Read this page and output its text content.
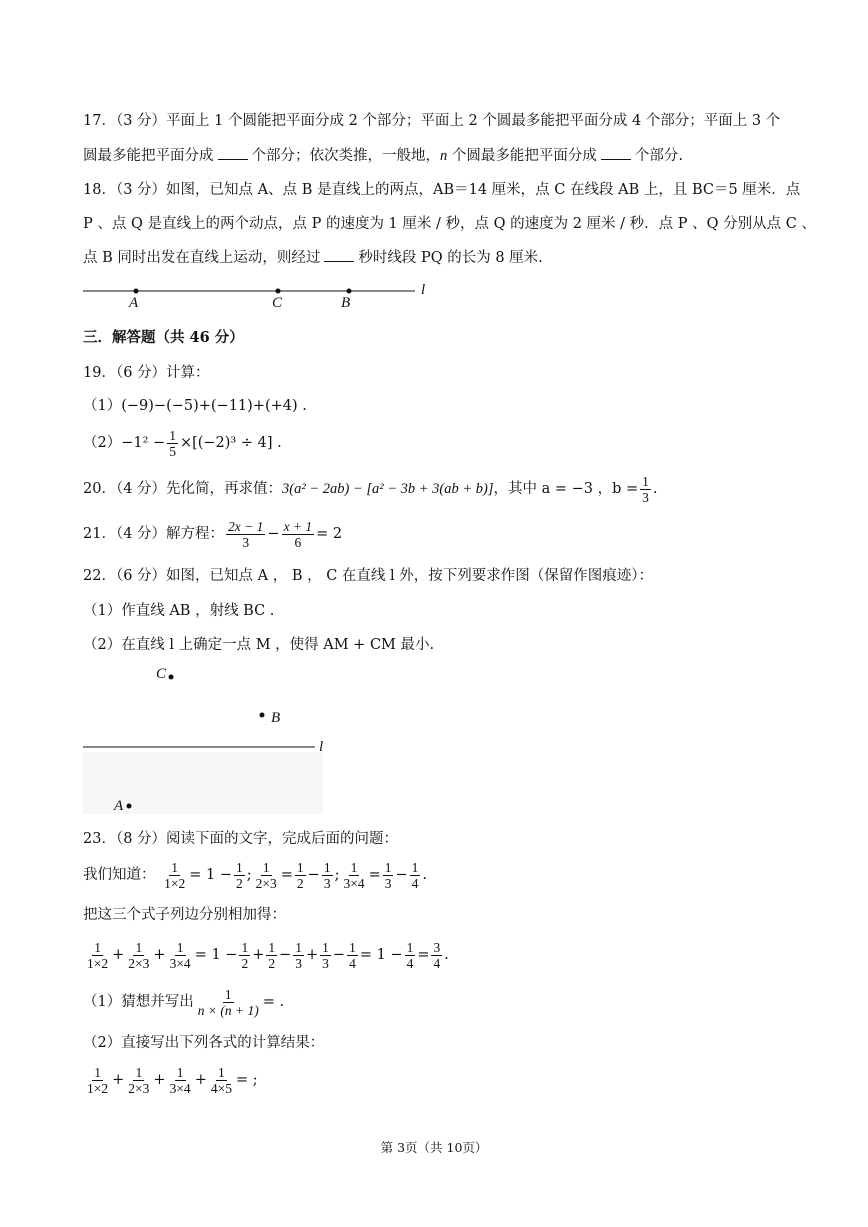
17．（3 分）平面上 1 个圆能把平面分成 2 个部分；平面上 2 个圆最多能把平面分成 4 个部分；平面上 3 个
圆最多能把平面分成	个部分；依次类推，一般地，n 个圆最多能把平面分成	个部分.
18．（3 分）如图，已知点 A、点 B 是直线上的两点，AB＝14 厘米，点 C 在线段 AB 上，且 BC＝5 厘米．点
P 、点 Q 是直线上的两个动点，点 P 的速度为 1 厘米 / 秒，点 Q 的速度为 2 厘米 / 秒．点 P 、Q 分别从点 C 、
点 B 同时出发在直线上运动，则经过	秒时线段 PQ 的长为 8 厘米.
A	C	B
l
三．解答题（共 46 分）
19．（6 分）计算：
（1）(−9)−(−5)+(−11)+(+4) .
$(2)-1^2 - \frac{1}{5} \times[(-2)^3 \div 4]$ .
20．（4 分）先化简，再求值：3(a² − 2ab) − [a² − 3b + 3(ab + b)]，其中 a = −3 ，$b = \frac{1}{3}$ .
21．（4 分）解方程： $\frac{2x - 1}{3} - \frac{x + 1}{6} = 2$
22．（6 分）如图，已知点 A ， B ， C 在直线 l 外，按下列要求作图（保留作图痕迹）：
（1）作直线 AB ，射线 BC .
（2）在直线 l 上确定一点 M ，使得 AM + CM 最小.
C
B
l
A
23．（8 分）阅读下面的文字，完成后面的问题：
我们知道： $\frac{1}{1\times 2} = 1 - \frac{1}{2}$ ; $\frac{1}{2\times 3} = \frac{1}{2} - \frac{1}{3}$ ; $\frac{1}{3\times 4} = \frac{1}{3} - \frac{1}{4}$ .
把这三个式子列边分别相加得：
$\frac{1}{1\times 2} + \frac{1}{2\times 3} + \frac{1}{3\times 4} = 1 - \frac{1}{2} + \frac{1}{2} - \frac{1}{3} + \frac{1}{3} - \frac{1}{4} = 1 - \frac{1}{4} = \frac{3}{4}$ .
（1）猜想并写出 $\frac{1}{n \times (n + 1)}$ = .
（2）直接写出下列各式的计算结果：
$\frac{1}{1\times 2} + \frac{1}{2\times 3} + \frac{1}{3\times 4} + \frac{1}{4\times 5}$ = ;
第 3页（共 10页）
